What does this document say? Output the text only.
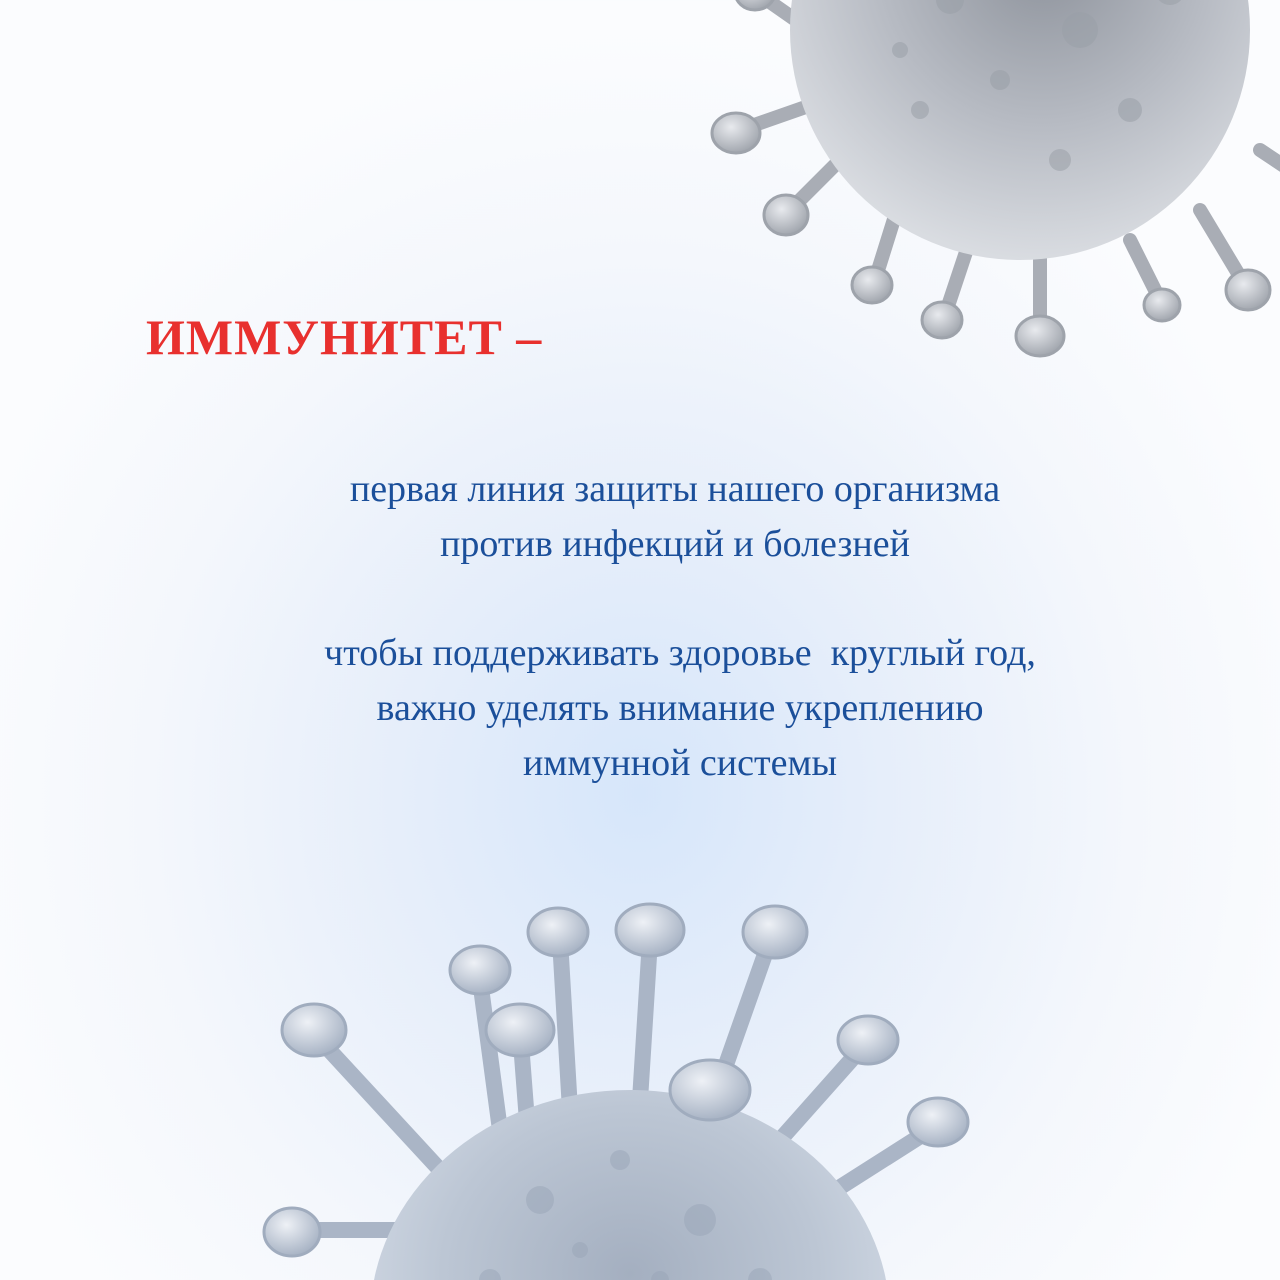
ИММУНИТЕТ –

первая линия защиты нашего организма
против инфекций и болезней

чтобы поддерживать здоровье  круглый год,
важно уделять внимание укреплению
иммунной системы
